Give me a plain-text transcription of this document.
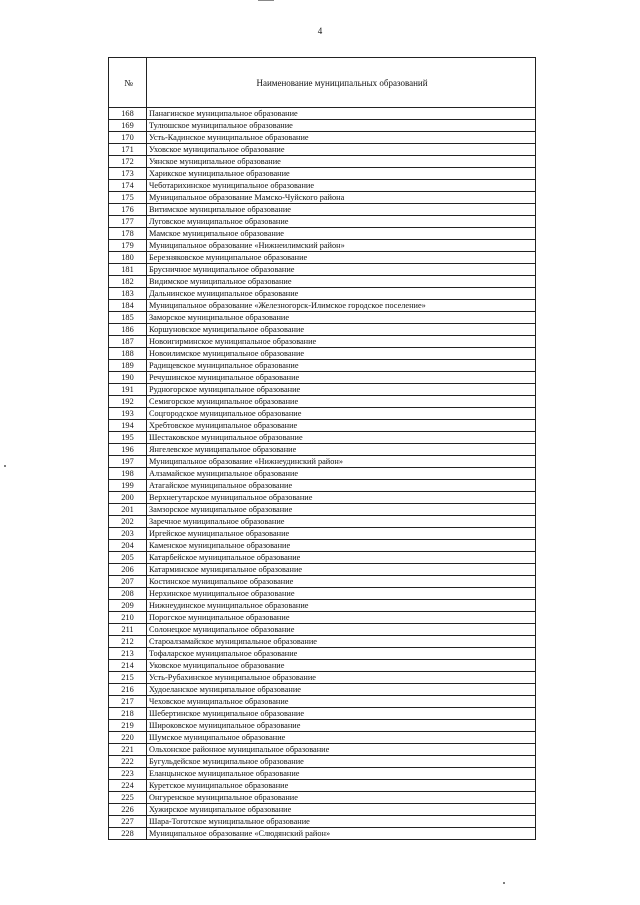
4
№	Наименование муниципальных образований
168	Панагинское муниципальное образование
169	Тулюшское муниципальное образование
170	Усть-Кадинское муниципальное образование
171	Уховское муниципальное образование
172	Уянское муниципальное образование
173	Харикское муниципальное образование
174	Чеботарихинское муниципальное образование
175	Муниципальное образование Мамско-Чуйского района
176	Витимское муниципальное образование
177	Луговское муниципальное образование
178	Мамское муниципальное образование
179	Муниципальное образование «Нижнеилимский район»
180	Березняковское муниципальное образование
181	Брусничное муниципальное образование
182	Видимское муниципальное образование
183	Дальнинское муниципальное образование
184	Муниципальное образование «Железногорск-Илимское городское поселение»
185	Заморское муниципальное образование
186	Коршуновское муниципальное образование
187	Новоигирминское муниципальное образование
188	Новоилимское муниципальное образование
189	Радищевское муниципальное образование
190	Речушинское муниципальное образование
191	Рудногорское муниципальное образование
192	Семигорское муниципальное образование
193	Соцгородское муниципальное образование
194	Хребтовское муниципальное образование
195	Шестаковское муниципальное образование
196	Янгелевское муниципальное образование
197	Муниципальное образование «Нижнеудинский район»
198	Алзамайское муниципальное образование
199	Атагайское муниципальное образование
200	Верхнегутарское муниципальное образование
201	Замзорское муниципальное образование
202	Заречное муниципальное образование
203	Иргейское муниципальное образование
204	Каменское муниципальное образование
205	Катарбейское муниципальное образование
206	Катарминское муниципальное образование
207	Костинское муниципальное образование
208	Нерхинское муниципальное образование
209	Нижнеудинское муниципальное образование
210	Порогское муниципальное образование
211	Солонецкое муниципальное образование
212	Староалзамайское муниципальное образование
213	Тофаларское муниципальное образование
214	Уковское муниципальное образование
215	Усть-Рубахинское муниципальное образование
216	Худоеланское муниципальное образование
217	Чеховское муниципальное образование
218	Шебертинское муниципальное образование
219	Широковское муниципальное образование
220	Шумское муниципальное образование
221	Ольхонское районное муниципальное образование
222	Бугульдейское муниципальное образование
223	Еланцынское муниципальное образование
224	Куретское муниципальное образование
225	Онгуренское муниципальное образование
226	Хужирское муниципальное образование
227	Шара-Тоготское муниципальное образование
228	Муниципальное образование «Слюдянский район»
